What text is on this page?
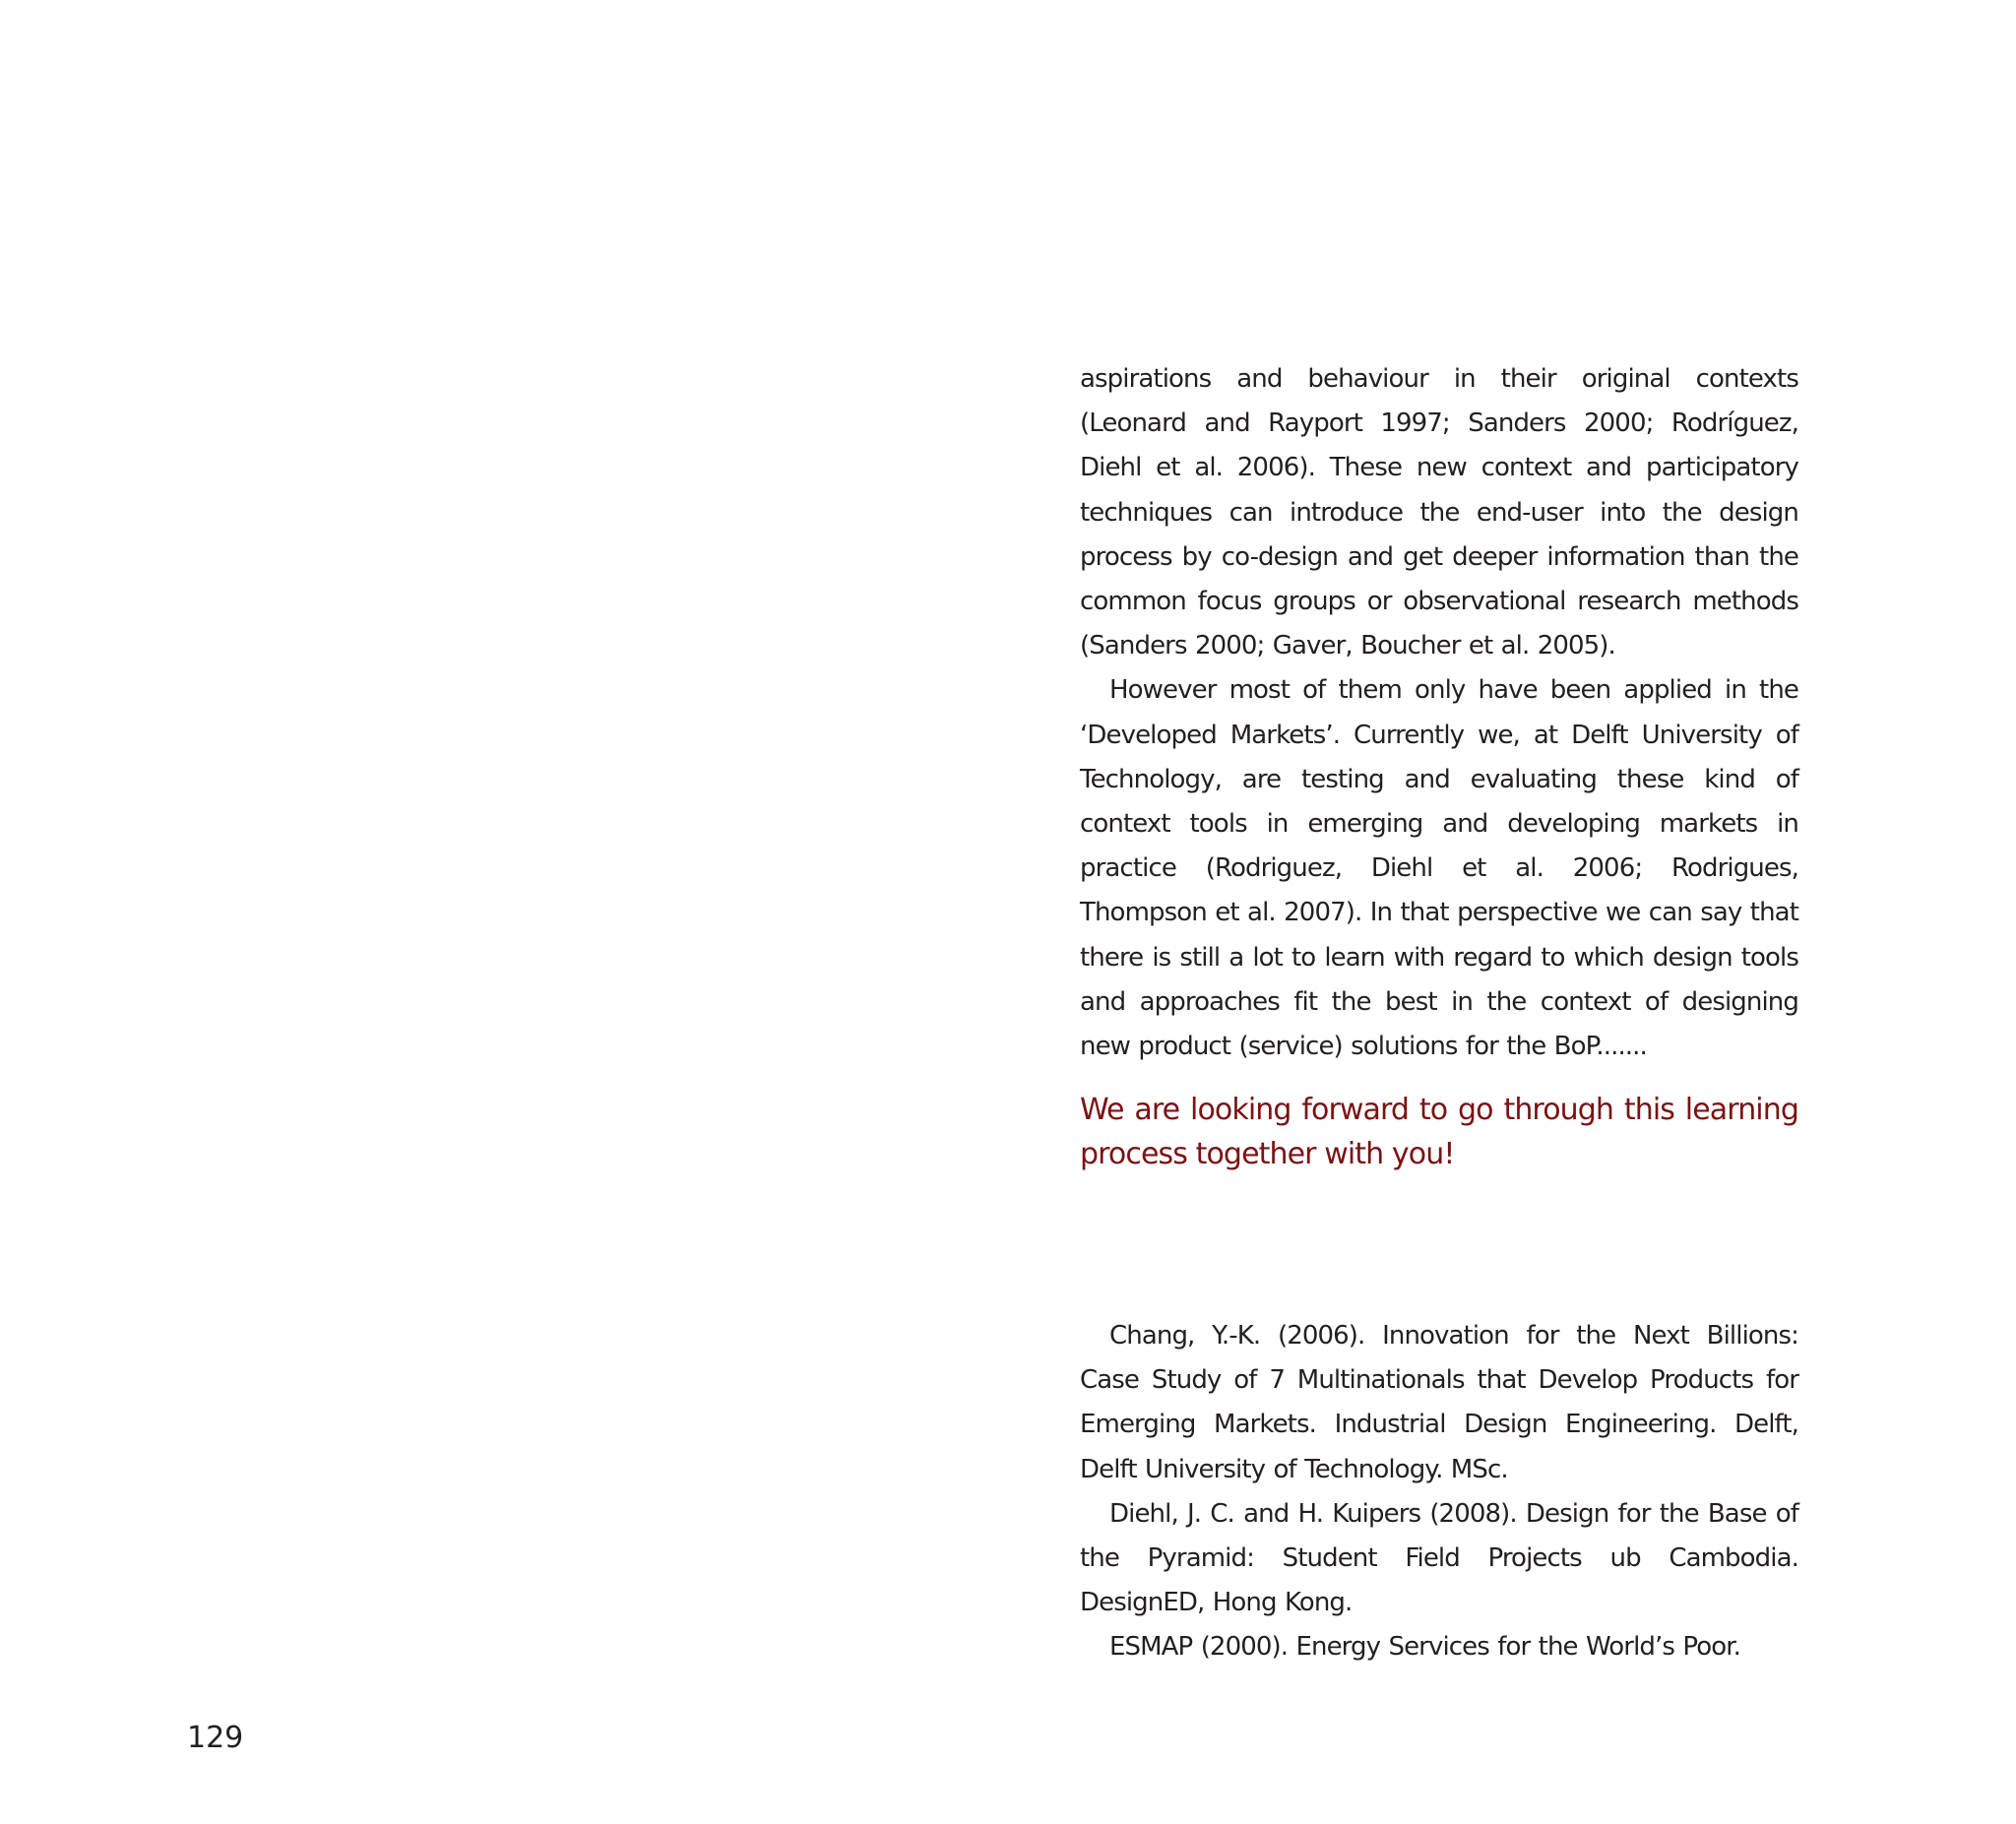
aspirations and behaviour in their original contexts (Leonard and Rayport 1997; Sanders 2000; Rodríguez, Diehl et al. 2006). These new context and participatory techniques can introduce the end-user into the design process by co-design and get deeper information than the common focus groups or observational research methods (Sanders 2000; Gaver, Boucher et al. 2005).

However most of them only have been applied in the ‘Developed Markets’. Currently we, at Delft University of Technology, are testing and evaluating these kind of context tools in emerging and developing markets in practice (Rodriguez, Diehl et al. 2006; Rodrigues, Thompson et al. 2007). In that perspective we can say that there is still a lot to learn with regard to which design tools and approaches fit the best in the context of designing new product (service) solutions for the BoP.......

We are looking forward to go through this learning process together with you!

Chang, Y.-K. (2006). Innovation for the Next Billions: Case Study of 7 Multinationals that Develop Products for Emerging Markets. Industrial Design Engineering. Delft, Delft University of Technology. MSc.

Diehl, J. C. and H. Kuipers (2008). Design for the Base of the Pyramid: Student Field Projects ub Cambodia. DesignED, Hong Kong.

ESMAP (2000). Energy Services for the World’s Poor.

129
